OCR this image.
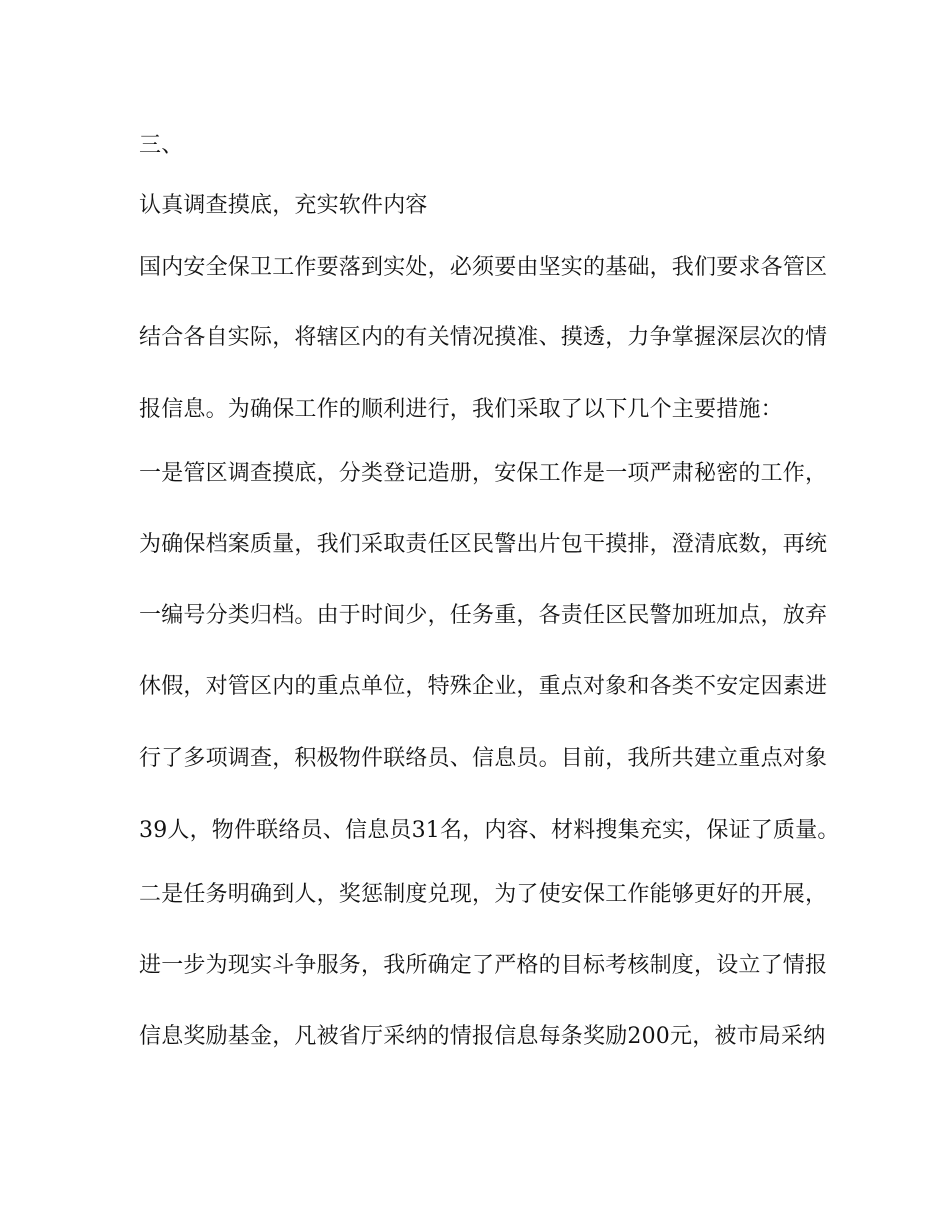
三、
认真调查摸底，充实软件内容
国内安全保卫工作要落到实处，必须要由坚实的基础，我们要求各管区
结合各自实际，将辖区内的有关情况摸准、摸透，力争掌握深层次的情
报信息。为确保工作的顺利进行，我们采取了以下几个主要措施：
一是管区调查摸底，分类登记造册，安保工作是一项严肃秘密的工作，
为确保档案质量，我们采取责任区民警出片包干摸排，澄清底数，再统
一编号分类归档。由于时间少，任务重，各责任区民警加班加点，放弃
休假，对管区内的重点单位，特殊企业，重点对象和各类不安定因素进
行了多项调查，积极物件联络员、信息员。目前，我所共建立重点对象
39人，物件联络员、信息员31名，内容、材料搜集充实，保证了质量。
二是任务明确到人，奖惩制度兑现，为了使安保工作能够更好的开展，
进一步为现实斗争服务，我所确定了严格的目标考核制度，设立了情报
信息奖励基金，凡被省厅采纳的情报信息每条奖励200元，被市局采纳
